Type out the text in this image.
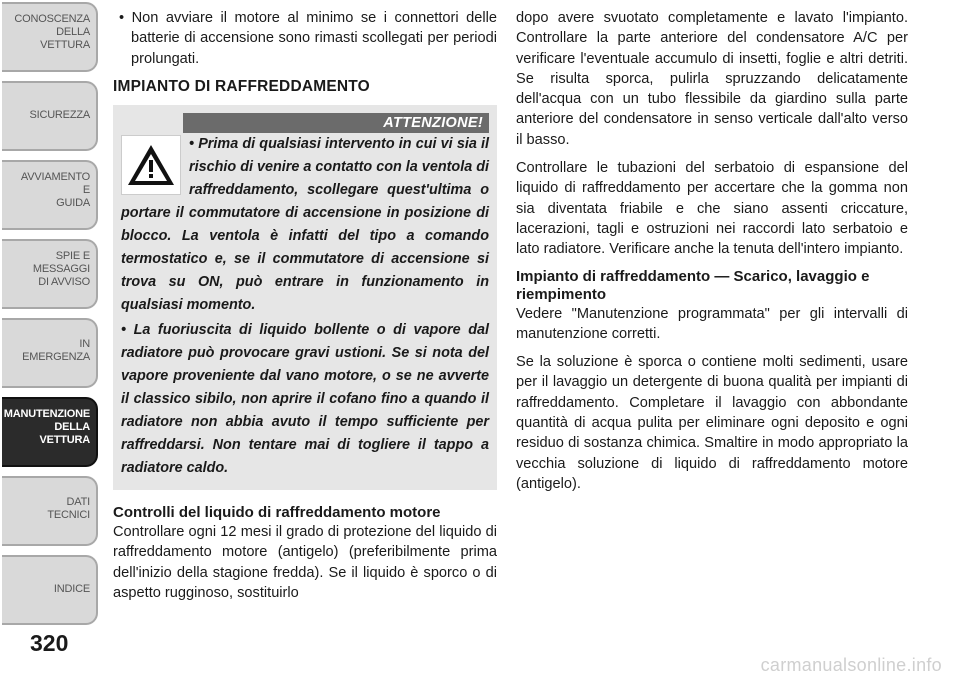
CONOSCENZA
DELLA
VETTURA
SICUREZZA
AVVIAMENTO
E
GUIDA
SPIE E
MESSAGGI
DI AVVISO
IN
EMERGENZA
MANUTENZIONE
DELLA
VETTURA
DATI
TECNICI
INDICE
320

• Non avviare il motore al minimo se i connettori delle batterie di accensione sono rimasti scollegati per periodi prolungati.

IMPIANTO DI RAFFREDDAMENTO
ATTENZIONE!

• Prima di qualsiasi intervento in cui vi sia il rischio di venire a contatto con la ventola di raffreddamento, scollegare quest'ultima o portare il commutatore di accensione in posizione di blocco. La ventola è infatti del tipo a comando termostatico e, se il commutatore di accensione si trova su ON, può entrare in funzionamento in qualsiasi momento.

• La fuoriuscita di liquido bollente o di vapore dal radiatore può provocare gravi ustioni. Se si nota del vapore proveniente dal vano motore, o se ne avverte il classico sibilo, non aprire il cofano fino a quando il radiatore non abbia avuto il tempo sufficiente per raffreddarsi. Non tentare mai di togliere il tappo a radiatore caldo.

Controlli del liquido di raffreddamento motore

Controllare ogni 12 mesi il grado di protezione del liquido di raffreddamento motore (antigelo) (preferibilmente prima dell'inizio della stagione fredda). Se il liquido è sporco o di aspetto rugginoso, sostituirlo

dopo avere svuotato completamente e lavato l'impianto. Controllare la parte anteriore del condensatore A/C per verificare l'eventuale accumulo di insetti, foglie e altri detriti. Se risulta sporca, pulirla spruzzando delicatamente dell'acqua con un tubo flessibile da giardino sulla parte anteriore del condensatore in senso verticale dall'alto verso il basso.

Controllare le tubazioni del serbatoio di espansione del liquido di raffreddamento per accertare che la gomma non sia diventata friabile e che siano assenti criccature, lacerazioni, tagli e ostruzioni nei raccordi lato serbatoio e lato radiatore. Verificare anche la tenuta dell'intero impianto.

Impianto di raffreddamento — Scarico, lavaggio e riempimento

Vedere "Manutenzione programmata" per gli intervalli di manutenzione corretti.

Se la soluzione è sporca o contiene molti sedimenti, usare per il lavaggio un detergente di buona qualità per impianti di raffreddamento. Completare il lavaggio con abbondante quantità di acqua pulita per eliminare ogni deposito e ogni residuo di sostanza chimica. Smaltire in modo appropriato la vecchia soluzione di liquido di raffreddamento motore (antigelo).

carmanualsonline.info
